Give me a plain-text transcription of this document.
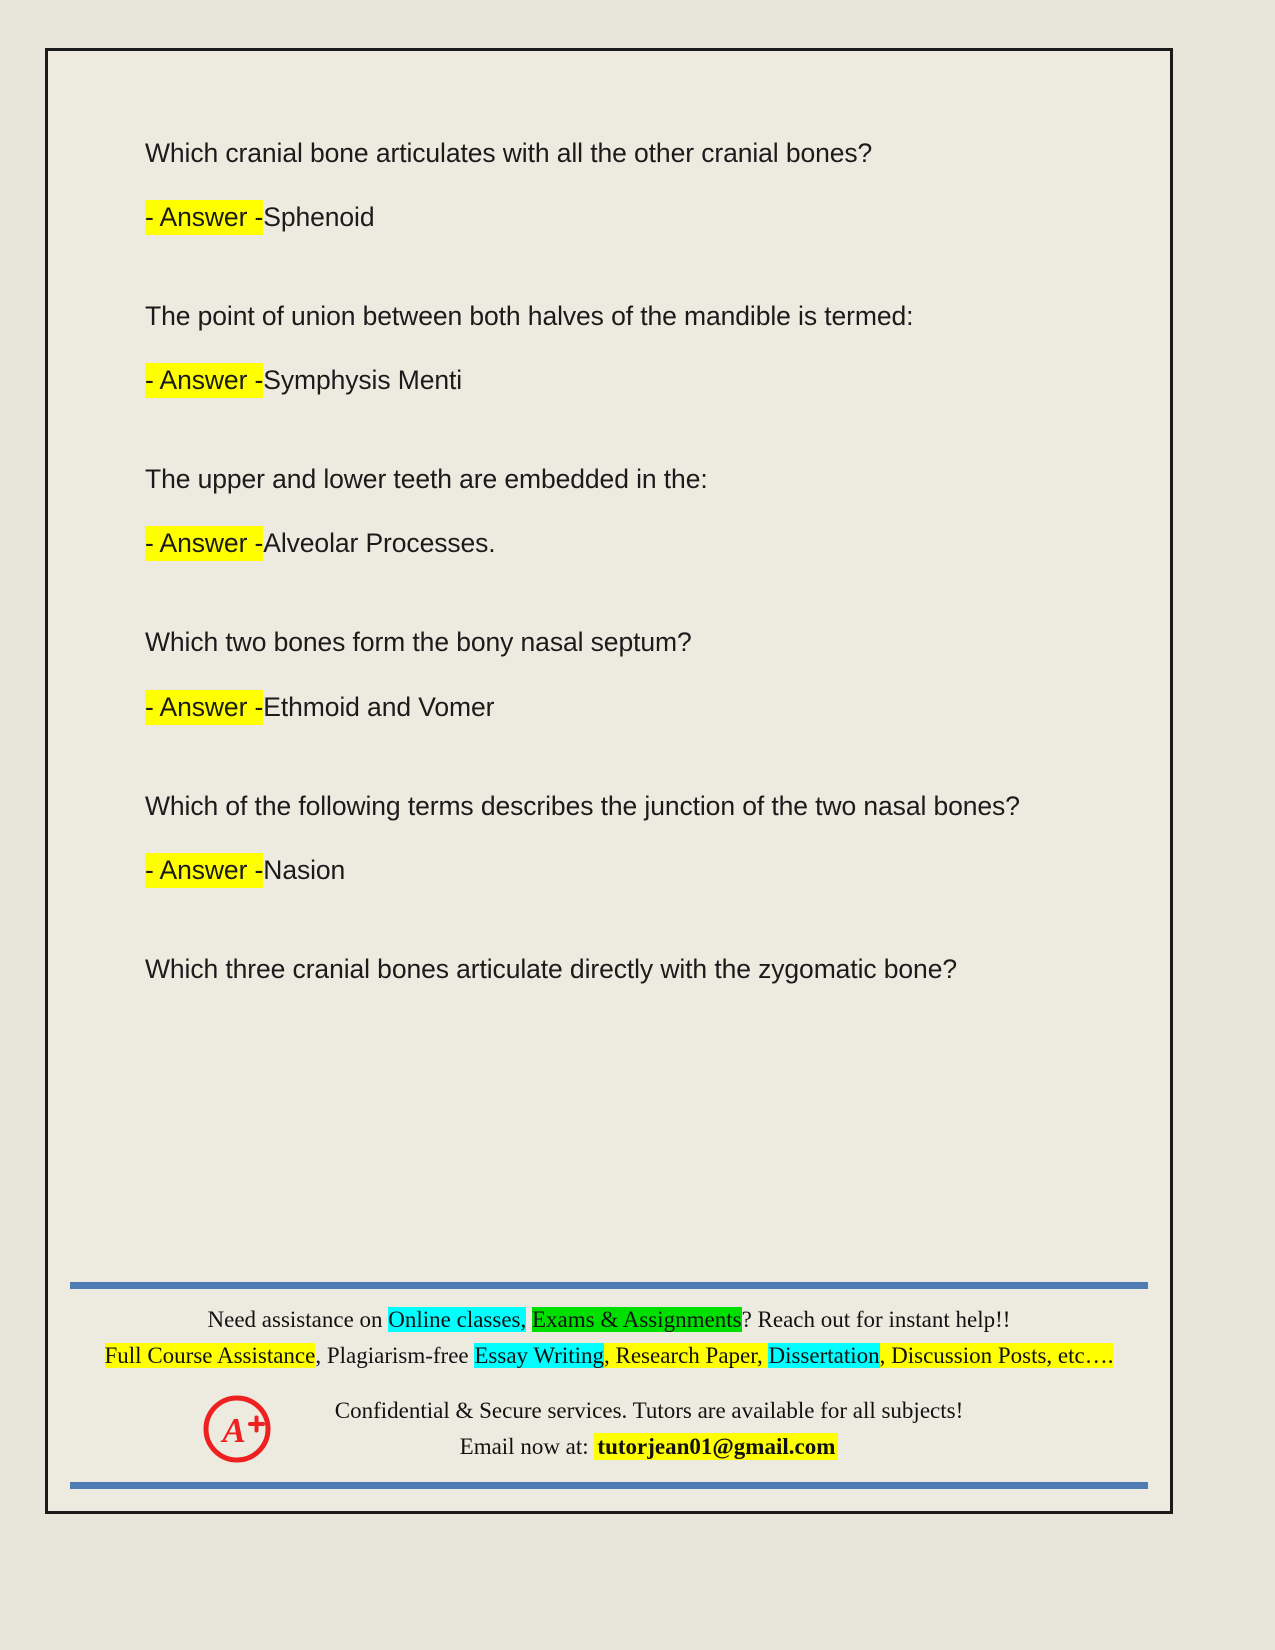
Which cranial bone articulates with all the other cranial bones?

- Answer -Sphenoid

The point of union between both halves of the mandible is termed:

- Answer -Symphysis Menti

The upper and lower teeth are embedded in the:

- Answer -Alveolar Processes.

Which two bones form the bony nasal septum?

- Answer -Ethmoid and Vomer

Which of the following terms describes the junction of the two nasal bones?

- Answer -Nasion

Which three cranial bones articulate directly with the zygomatic bone?

Need assistance on Online classes, Exams & Assignments? Reach out for instant help!!
Full Course Assistance, Plagiarism-free Essay Writing, Research Paper, Dissertation, Discussion Posts, etc….
A
Confidential & Secure services. Tutors are available for all subjects!
Email now at: tutorjean01@gmail.com
